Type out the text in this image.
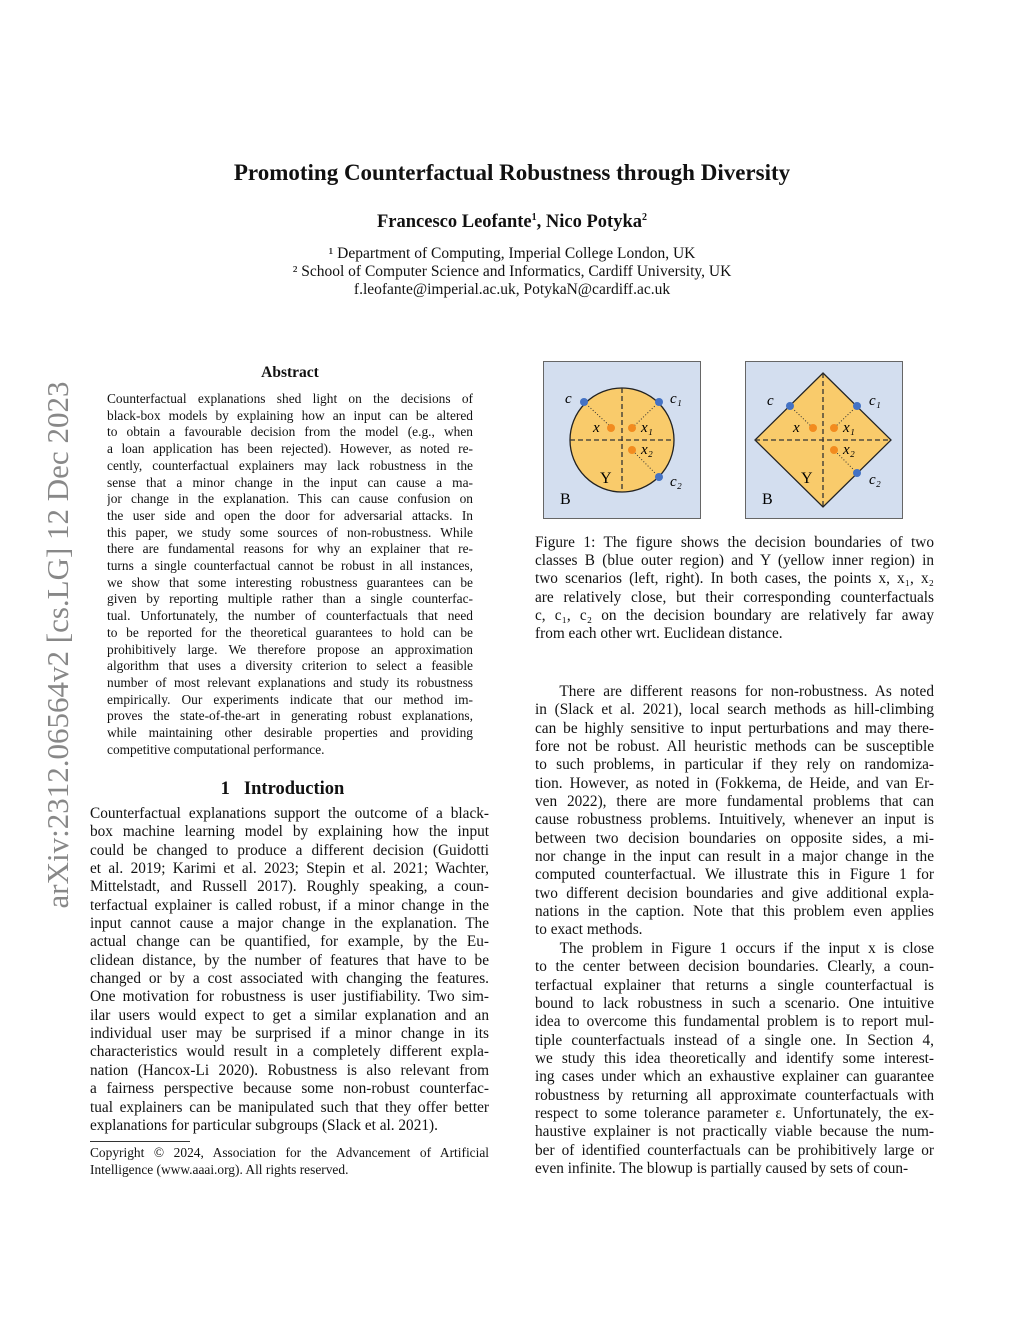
arXiv:2312.06564v2 [cs.LG] 12 Dec 2023
Promoting Counterfactual Robustness through Diversity
Francesco Leofante$^1$, Nico Potyka$^2$
¹ Department of Computing, Imperial College London, UK
² School of Computer Science and Informatics, Cardiff University, UK
f.leofante@imperial.ac.uk, PotykaN@cardiff.ac.uk
Abstract
Counterfactual explanations shed light on the decisions of
black-box models by explaining how an input can be altered
to obtain a favourable decision from the model (e.g., when
a loan application has been rejected). However, as noted re-
cently, counterfactual explainers may lack robustness in the
sense that a minor change in the input can cause a ma-
jor change in the explanation. This can cause confusion on
the user side and open the door for adversarial attacks. In
this paper, we study some sources of non-robustness. While
there are fundamental reasons for why an explainer that re-
turns a single counterfactual cannot be robust in all instances,
we show that some interesting robustness guarantees can be
given by reporting multiple rather than a single counterfac-
tual. Unfortunately, the number of counterfactuals that need
to be reported for the theoretical guarantees to hold can be
prohibitively large. We therefore propose an approximation
algorithm that uses a diversity criterion to select a feasible
number of most relevant explanations and study its robustness
empirically. Our experiments indicate that our method im-
proves the state-of-the-art in generating robust explanations,
while maintaining other desirable properties and providing
competitive computational performance.
1 Introduction
Counterfactual explanations support the outcome of a black-
box machine learning model by explaining how the input
could be changed to produce a different decision (Guidotti
et al. 2019; Karimi et al. 2023; Stepin et al. 2021; Wachter,
Mittelstadt, and Russell 2017). Roughly speaking, a coun-
terfactual explainer is called robust, if a minor change in the
input cannot cause a major change in the explanation. The
actual change can be quantified, for example, by the Eu-
clidean distance, by the number of features that have to be
changed or by a cost associated with changing the features.
One motivation for robustness is user justifiability. Two sim-
ilar users would expect to get a similar explanation and an
individual user may be surprised if a minor change in its
characteristics would result in a completely different expla-
nation (Hancox-Li 2020). Robustness is also relevant from
a fairness perspective because some non-robust counterfac-
tual explainers can be manipulated such that they offer better
explanations for particular subgroups (Slack et al. 2021).
Copyright © 2024, Association for the Advancement of Artificial
Intelligence (www.aaai.org). All rights reserved.
c	c₁
c₂
x	x₁
x₂
Y
B
c	c₁
c₂
x	x₁
x₂
Y
B
Figure 1: The figure shows the decision boundaries of two
classes B (blue outer region) and Y (yellow inner region) in
two scenarios (left, right). In both cases, the points x, x₁, x₂
are relatively close, but their corresponding counterfactuals
c, c₁, c₂ on the decision boundary are relatively far away
from each other wrt. Euclidean distance.
There are different reasons for non-robustness. As noted
in (Slack et al. 2021), local search methods as hill-climbing
can be highly sensitive to input perturbations and may there-
fore not be robust. All heuristic methods can be susceptible
to such problems, in particular if they rely on randomiza-
tion. However, as noted in (Fokkema, de Heide, and van Er-
ven 2022), there are more fundamental problems that can
cause robustness problems. Intuitively, whenever an input is
between two decision boundaries on opposite sides, a mi-
nor change in the input can result in a major change in the
computed counterfactual. We illustrate this in Figure 1 for
two different decision boundaries and give additional expla-
nations in the caption. Note that this problem even applies
to exact methods.
The problem in Figure 1 occurs if the input x is close
to the center between decision boundaries. Clearly, a coun-
terfactual explainer that returns a single counterfactual is
bound to lack robustness in such a scenario. One intuitive
idea to overcome this fundamental problem is to report mul-
tiple counterfactuals instead of a single one. In Section 4,
we study this idea theoretically and identify some interest-
ing cases under which an exhaustive explainer can guarantee
robustness by returning all approximate counterfactuals with
respect to some tolerance parameter ε. Unfortunately, the ex-
haustive explainer is not practically viable because the num-
ber of identified counterfactuals can be prohibitively large or
even infinite. The blowup is partially caused by sets of coun-
